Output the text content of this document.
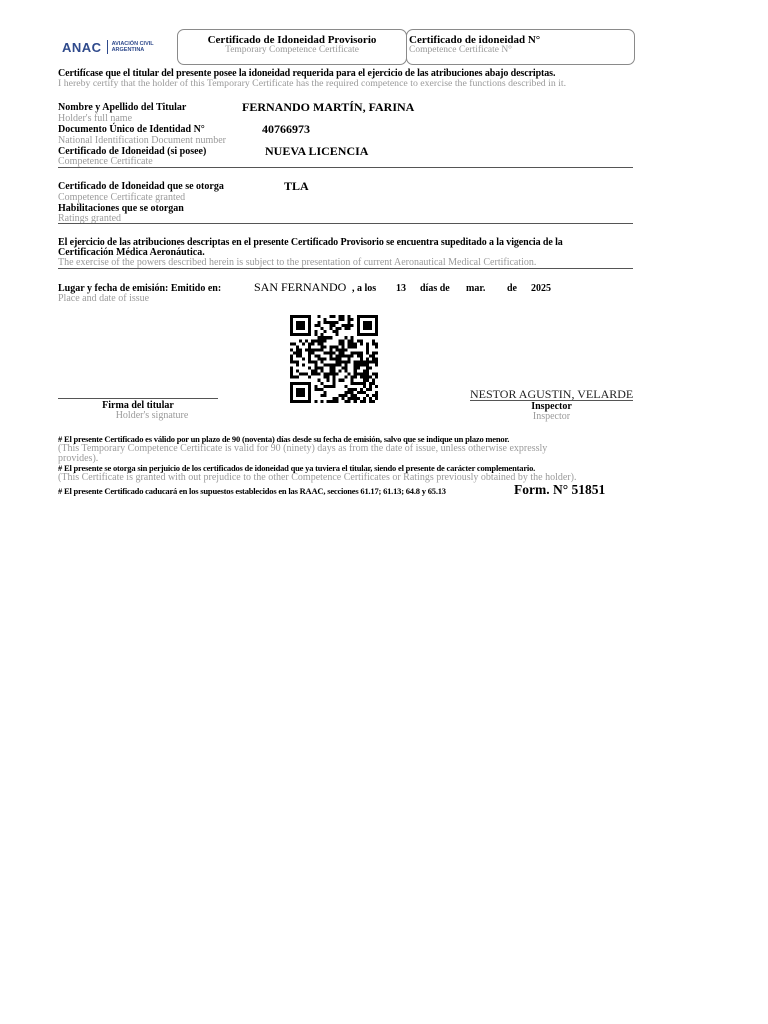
ANAC AVIACIÓN CIVIL
ARGENTINA
Certificado de Idoneidad Provisorio
Temporary Competence Certificate
Certificado de idoneidad N°
Competence Certificate N°
Certifícase que el titular del presente posee la idoneidad requerida para el ejercicio de las atribuciones abajo descriptas.
I hereby certify that the holder of this Temporary Certificate has the required competence to exercise the functions described in it.
Nombre y Apellido del Titular
Holder's full name
FERNANDO MARTÍN, FARINA
Documento Único de Identidad N°
National Identification Document number
40766973
Certificado de Idoneidad (si posee)
Competence Certificate
NUEVA LICENCIA
Certificado de Idoneidad que se otorga
Competence Certificate granted
TLA
Habilitaciones que se otorgan
Ratings granted
El ejercicio de las atribuciones descriptas en el presente Certificado Provisorio se encuentra supeditado a la vigencia de la
Certificación Médica Aeronáutica.
The exercise of the powers described herein is subject to the presentation of current Aeronautical Medical Certification.
Lugar y fecha de emisión: Emitido en:
Place and date of issue
SAN FERNANDO , a los 13 días de mar. de 2025
Firma del titular
Holder's signature
NESTOR AGUSTIN, VELARDE
Inspector
Inspector
# El presente Certificado es válido por un plazo de 90 (noventa) días desde su fecha de emisión, salvo que se indique un plazo menor.
(This Temporary Competence Certificate is valid for 90 (ninety) days as from the date of issue, unless otherwise expressly
provides).
# El presente se otorga sin perjuicio de los certificados de idoneidad que ya tuviera el titular, siendo el presente de carácter complementario.
(This Certificate is granted with out prejudice to the other Competence Certificates or Ratings previously obtained by the holder).
# El presente Certificado caducará en los supuestos establecidos en las RAAC, secciones 61.17; 61.13; 64.8 y 65.13	Form. N° 51851
